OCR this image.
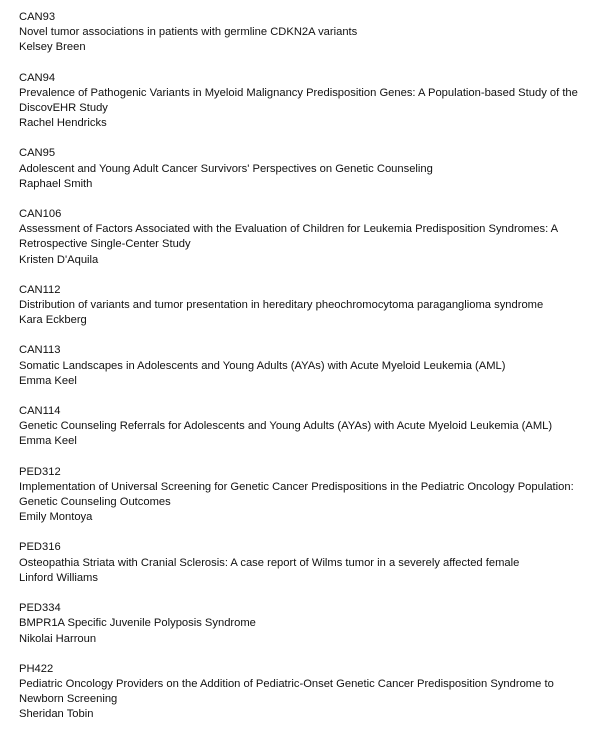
CAN93

Novel tumor associations in patients with germline CDKN2A variants

Kelsey Breen

CAN94

Prevalence of Pathogenic Variants in Myeloid Malignancy Predisposition Genes: A Population-based Study of the DiscovEHR Study

Rachel Hendricks

CAN95

Adolescent and Young Adult Cancer Survivors' Perspectives on Genetic Counseling

Raphael Smith

CAN106

Assessment of Factors Associated with the Evaluation of Children for Leukemia Predisposition Syndromes: A Retrospective Single-Center Study

Kristen D'Aquila

CAN112

Distribution of variants and tumor presentation in hereditary pheochromocytoma paraganglioma syndrome

Kara Eckberg

CAN113

Somatic Landscapes in Adolescents and Young Adults (AYAs) with Acute Myeloid Leukemia (AML)

Emma Keel

CAN114

Genetic Counseling Referrals for Adolescents and Young Adults (AYAs) with Acute Myeloid Leukemia (AML)

Emma Keel

PED312

Implementation of Universal Screening for Genetic Cancer Predispositions in the Pediatric Oncology Population: Genetic Counseling Outcomes

Emily Montoya

PED316

Osteopathia Striata with Cranial Sclerosis: A case report of Wilms tumor in a severely affected female

Linford Williams

PED334

BMPR1A Specific Juvenile Polyposis Syndrome

Nikolai Harroun

PH422

Pediatric Oncology Providers on the Addition of Pediatric-Onset Genetic Cancer Predisposition Syndrome to Newborn Screening

Sheridan Tobin
